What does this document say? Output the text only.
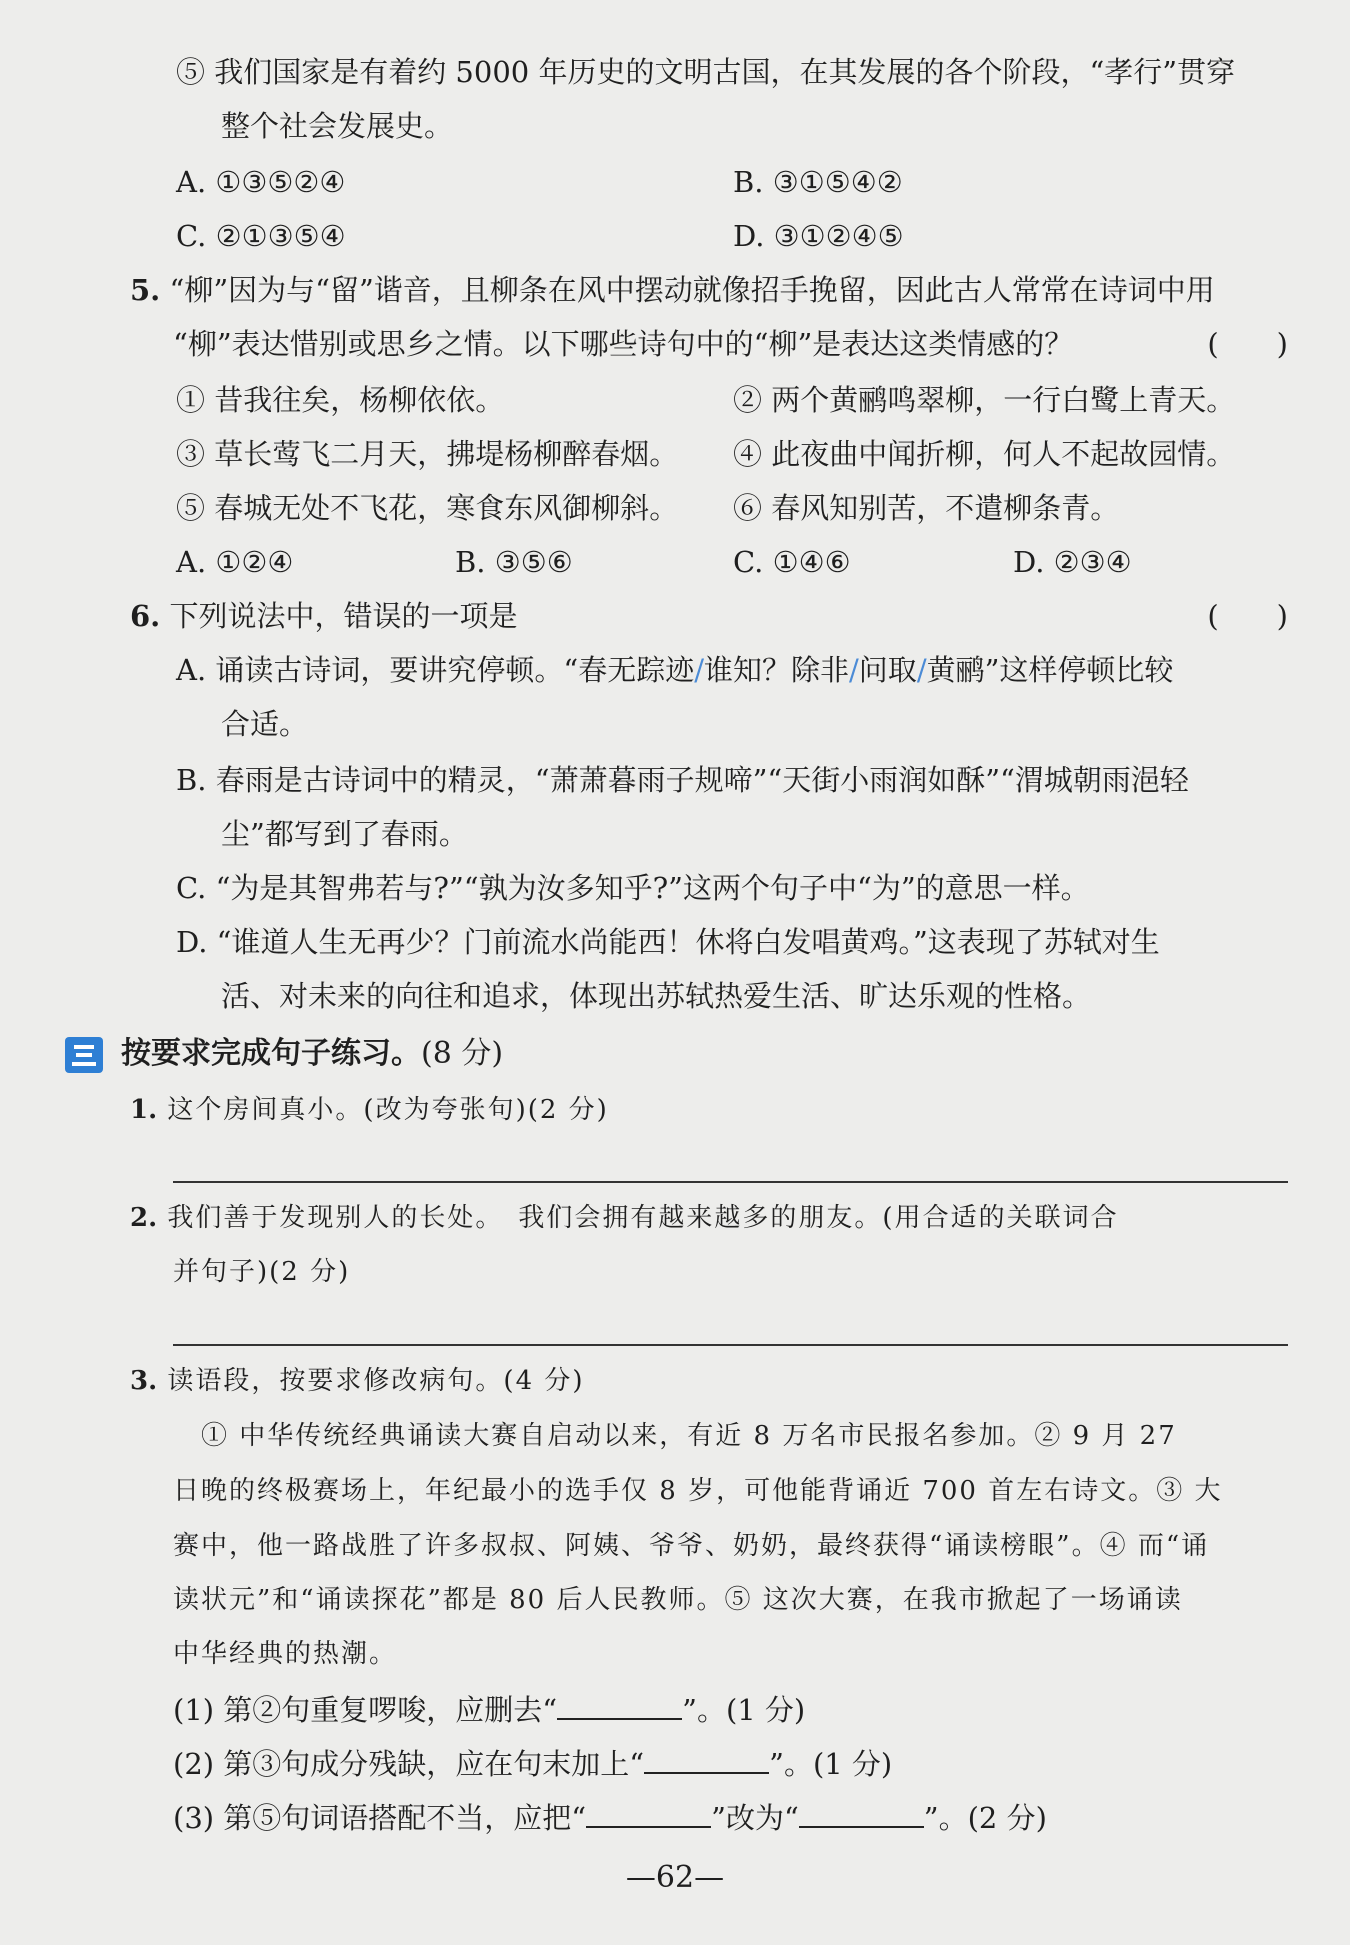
⑤ 我们国家是有着约 5000 年历史的文明古国，在其发展的各个阶段，“孝行”贯穿
整个社会发展史。
A. ①③⑤②④	B. ③①⑤④②
C. ②①③⑤④	D. ③①②④⑤
5. “柳”因为与“留”谐音，且柳条在风中摆动就像招手挽留，因此古人常常在诗词中用
“柳”表达惜别或思乡之情。以下哪些诗句中的“柳”是表达这类情感的？	(　　)
① 昔我往矣，杨柳依依。	② 两个黄鹂鸣翠柳，一行白鹭上青天。
③ 草长莺飞二月天，拂堤杨柳醉春烟。	④ 此夜曲中闻折柳，何人不起故园情。
⑤ 春城无处不飞花，寒食东风御柳斜。	⑥ 春风知别苦，不遣柳条青。
A. ①②④	B. ③⑤⑥	C. ①④⑥	D. ②③④
6. 下列说法中，错误的一项是	(　　)
A. 诵读古诗词，要讲究停顿。“春无踪迹/谁知？除非/问取/黄鹂”这样停顿比较
合适。
B. 春雨是古诗词中的精灵，“萧萧暮雨子规啼”“天街小雨润如酥”“渭城朝雨浥轻
尘”都写到了春雨。
C. “为是其智弗若与?”“孰为汝多知乎?”这两个句子中“为”的意思一样。
D. “谁道人生无再少？门前流水尚能西！休将白发唱黄鸡。”这表现了苏轼对生
活、对未来的向往和追求，体现出苏轼热爱生活、旷达乐观的性格。
按要求完成句子练习。(8 分)
1. 这个房间真小。(改为夸张句)(2 分)
2. 我们善于发现别人的长处。　我们会拥有越来越多的朋友。(用合适的关联词合
并句子)(2 分)
3. 读语段，按要求修改病句。(4 分)
　① 中华传统经典诵读大赛自启动以来，有近 8 万名市民报名参加。② 9 月 27
日晚的终极赛场上，年纪最小的选手仅 8 岁，可他能背诵近 700 首左右诗文。③ 大
赛中，他一路战胜了许多叔叔、阿姨、爷爷、奶奶，最终获得“诵读榜眼”。④ 而“诵
读状元”和“诵读探花”都是 80 后人民教师。⑤ 这次大赛，在我市掀起了一场诵读
中华经典的热潮。
(1) 第②句重复啰唆，应删去“	”。(1 分)
(2) 第③句成分残缺，应在句末加上“	”。(1 分)
(3) 第⑤句词语搭配不当，应把“	”改为“	”。(2 分)
—62—
